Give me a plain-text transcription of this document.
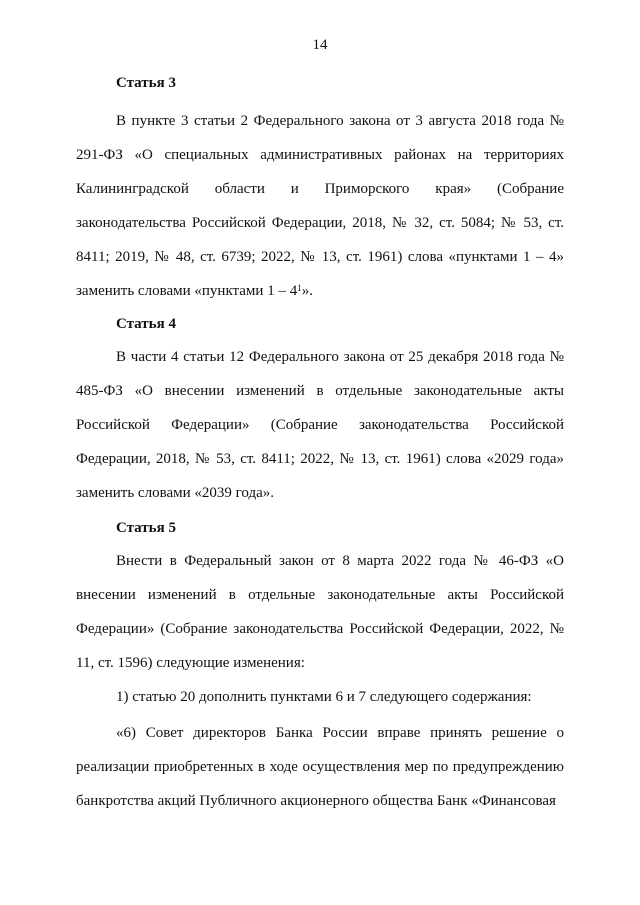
14
Статья 3

В пункте 3 статьи 2 Федерального закона от 3 августа 2018 года № 291-ФЗ «О специальных административных районах на территориях Калининградской области и Приморского края» (Собрание законодательства Российской Федерации, 2018, № 32, ст. 5084; № 53, ст. 8411; 2019, № 48, ст. 6739; 2022, № 13, ст. 1961) слова «пунктами 1 – 4» заменить словами «пунктами $1 - 4^1$».

Статья 4

В части 4 статьи 12 Федерального закона от 25 декабря 2018 года № 485-ФЗ «О внесении изменений в отдельные законодательные акты Российской Федерации» (Собрание законодательства Российской Федерации, 2018, № 53, ст. 8411; 2022, № 13, ст. 1961) слова «2029 года» заменить словами «2039 года».

Статья 5

Внести в Федеральный закон от 8 марта 2022 года № 46-ФЗ «О внесении изменений в отдельные законодательные акты Российской Федерации» (Собрание законодательства Российской Федерации, 2022, № 11, ст. 1596) следующие изменения:

1) статью 20 дополнить пунктами 6 и 7 следующего содержания:

«6) Совет директоров Банка России вправе принять решение о реализации приобретенных в ходе осуществления мер по предупреждению банкротства акций Публичного акционерного общества Банк «Финансовая
